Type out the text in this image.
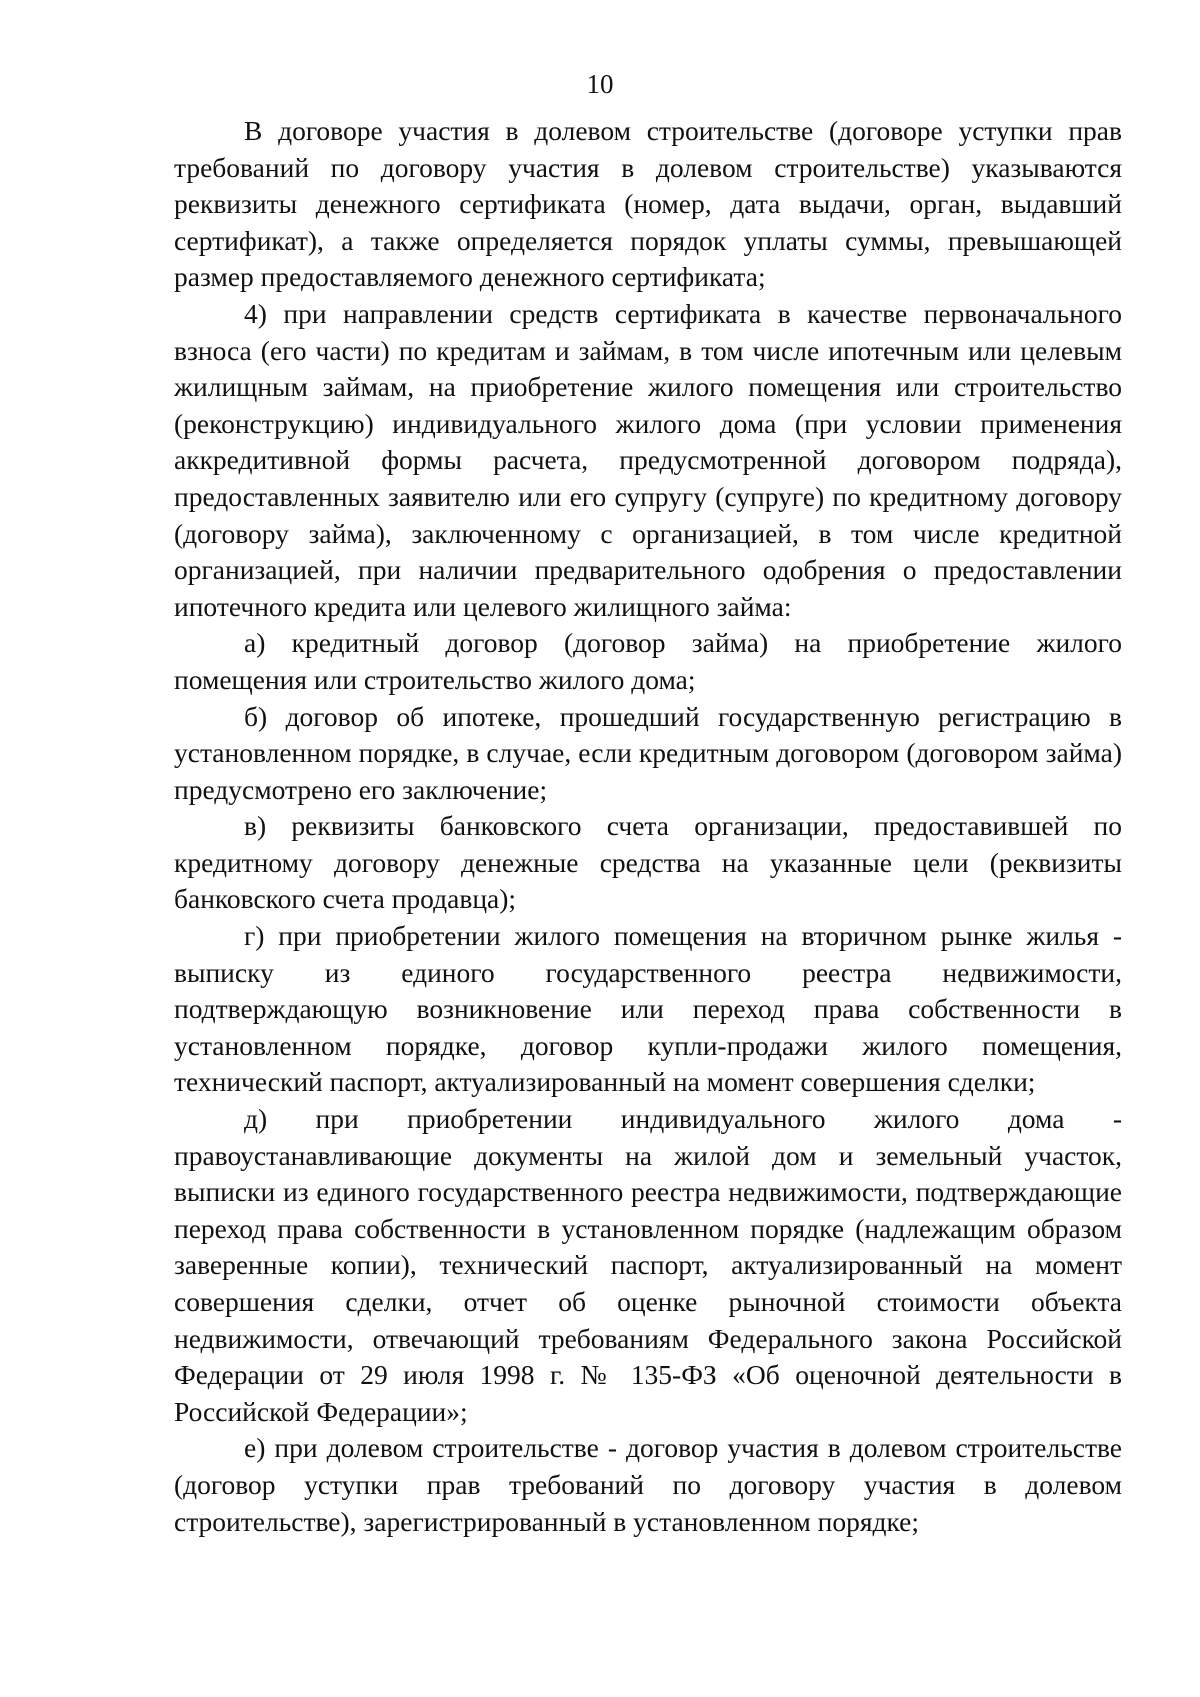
10

В договоре участия в долевом строительстве (договоре уступки прав требований по договору участия в долевом строительстве) указываются реквизиты денежного сертификата (номер, дата выдачи, орган, выдавший сертификат), а также определяется порядок уплаты суммы, превышающей размер предоставляемого денежного сертификата;

4) при направлении средств сертификата в качестве первоначального взноса (его части) по кредитам и займам, в том числе ипотечным или целевым жилищным займам, на приобретение жилого помещения или строительство (реконструкцию) индивидуального жилого дома (при условии применения аккредитивной формы расчета, предусмотренной договором подряда), предоставленных заявителю или его супругу (супруге) по кредитному договору (договору займа), заключенному с организацией, в том числе кредитной организацией, при наличии предварительного одобрения о предоставлении ипотечного кредита или целевого жилищного займа:

а) кредитный договор (договор займа) на приобретение жилого помещения или строительство жилого дома;

б) договор об ипотеке, прошедший государственную регистрацию в установленном порядке, в случае, если кредитным договором (договором займа) предусмотрено его заключение;

в) реквизиты банковского счета организации, предоставившей по кредитному договору денежные средства на указанные цели (реквизиты банковского счета продавца);

г) при приобретении жилого помещения на вторичном рынке жилья - выписку из единого государственного реестра недвижимости, подтверждающую возникновение или переход права собственности в установленном порядке, договор купли-продажи жилого помещения, технический паспорт, актуализированный на момент совершения сделки;

д) при приобретении индивидуального жилого дома - правоустанавливающие документы на жилой дом и земельный участок, выписки из единого государственного реестра недвижимости, подтверждающие переход права собственности в установленном порядке (надлежащим образом заверенные копии), технический паспорт, актуализированный на момент совершения сделки, отчет об оценке рыночной стоимости объекта недвижимости, отвечающий требованиям Федерального закона Российской Федерации от 29 июля 1998 г. № 135-ФЗ «Об оценочной деятельности в Российской Федерации»;

е) при долевом строительстве - договор участия в долевом строительстве (договор уступки прав требований по договору участия в долевом строительстве), зарегистрированный в установленном порядке;
